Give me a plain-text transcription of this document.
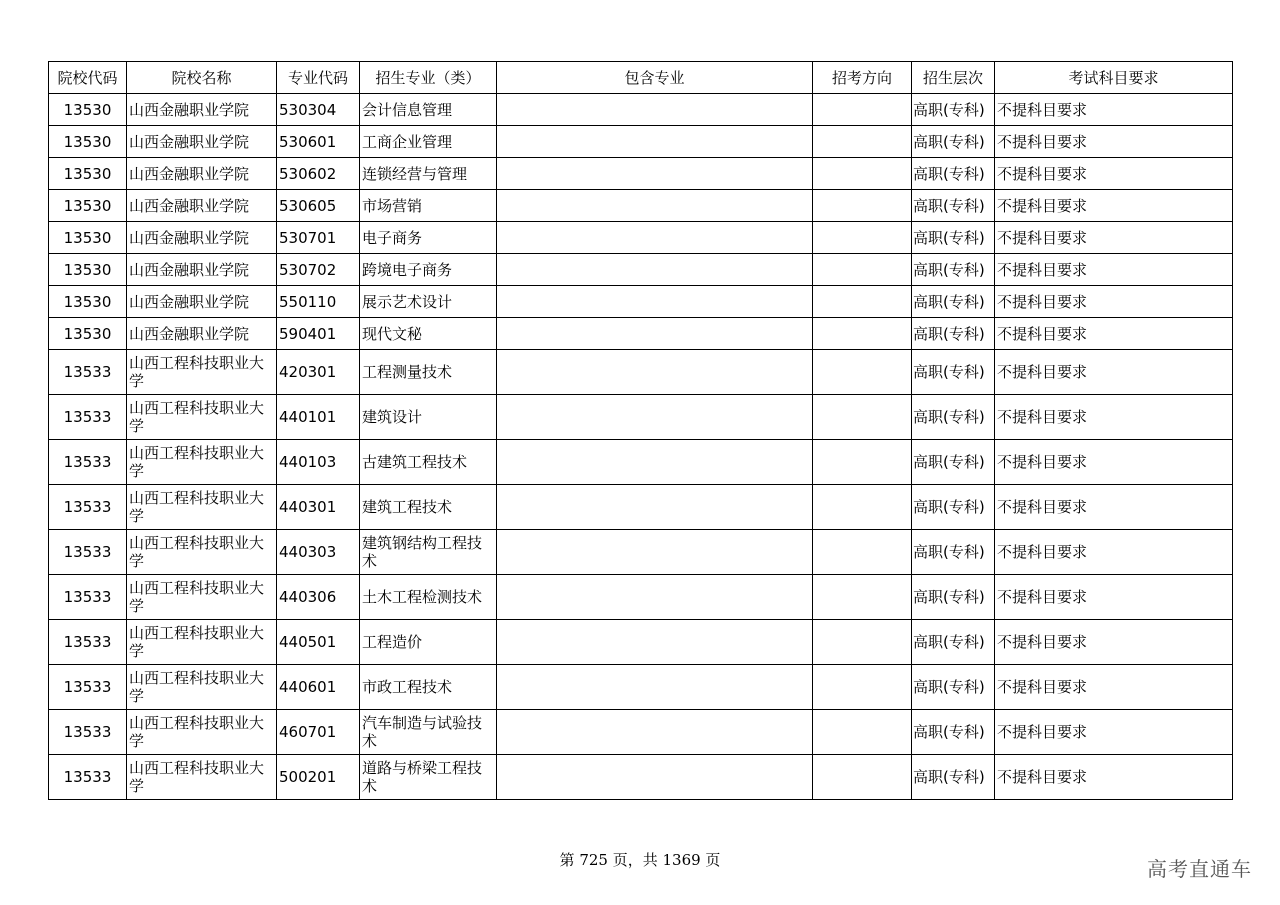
院校代码	院校名称	专业代码	招生专业（类）	包含专业	招考方向	招生层次	考试科目要求
13530	山西金融职业学院	530304	会计信息管理			高职(专科)	不提科目要求
13530	山西金融职业学院	530601	工商企业管理			高职(专科)	不提科目要求
13530	山西金融职业学院	530602	连锁经营与管理			高职(专科)	不提科目要求
13530	山西金融职业学院	530605	市场营销			高职(专科)	不提科目要求
13530	山西金融职业学院	530701	电子商务			高职(专科)	不提科目要求
13530	山西金融职业学院	530702	跨境电子商务			高职(专科)	不提科目要求
13530	山西金融职业学院	550110	展示艺术设计			高职(专科)	不提科目要求
13530	山西金融职业学院	590401	现代文秘			高职(专科)	不提科目要求
13533	山西工程科技职业大学	420301	工程测量技术			高职(专科)	不提科目要求
13533	山西工程科技职业大学	440101	建筑设计			高职(专科)	不提科目要求
13533	山西工程科技职业大学	440103	古建筑工程技术			高职(专科)	不提科目要求
13533	山西工程科技职业大学	440301	建筑工程技术			高职(专科)	不提科目要求
13533	山西工程科技职业大学	440303	建筑钢结构工程技术			高职(专科)	不提科目要求
13533	山西工程科技职业大学	440306	土木工程检测技术			高职(专科)	不提科目要求
13533	山西工程科技职业大学	440501	工程造价			高职(专科)	不提科目要求
13533	山西工程科技职业大学	440601	市政工程技术			高职(专科)	不提科目要求
13533	山西工程科技职业大学	460701	汽车制造与试验技术			高职(专科)	不提科目要求
13533	山西工程科技职业大学	500201	道路与桥梁工程技术			高职(专科)	不提科目要求
第 725 页，共 1369 页	高考直通车
